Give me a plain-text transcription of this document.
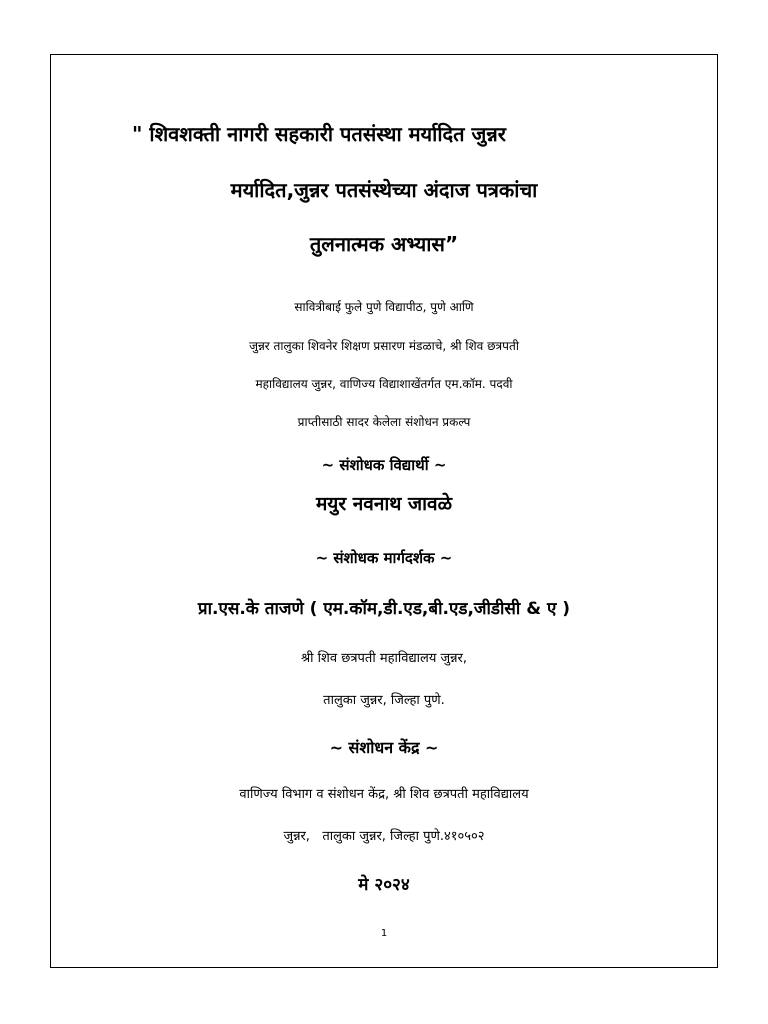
" शिवशक्ती नागरी सहकारी पतसंस्था मर्यादित जुन्नर
मर्यादित,जुन्नर पतसंस्थेच्या अंदाज पत्रकांचा
तुलनात्मक अभ्यास”
सावित्रीबाई फुले पुणे विद्यापीठ, पुणे आणि
जुन्नर तालुका शिवनेर शिक्षण प्रसारण मंडळाचे, श्री शिव छत्रपती
महाविद्यालय जुन्नर, वाणिज्य विद्याशाखेंतर्गत एम.कॉम. पदवी
प्राप्तीसाठी सादर केलेला संशोधन प्रकल्प
~ संशोधक विद्यार्थी ~
मयुर नवनाथ जावळे
~ संशोधक मार्गदर्शक ~
प्रा.एस.के ताजणे ( एम.कॉम,डी.एड,बी.एड,जीडीसी & ए )
श्री शिव छत्रपती महाविद्यालय जुन्नर,
तालुका जुन्नर, जिल्हा पुणे.
~ संशोधन केंद्र ~
वाणिज्य विभाग व संशोधन केंद्र, श्री शिव छत्रपती महाविद्यालय
जुन्नर,   तालुका जुन्नर, जिल्हा पुणे.४१०५०२
मे २०२४
1
